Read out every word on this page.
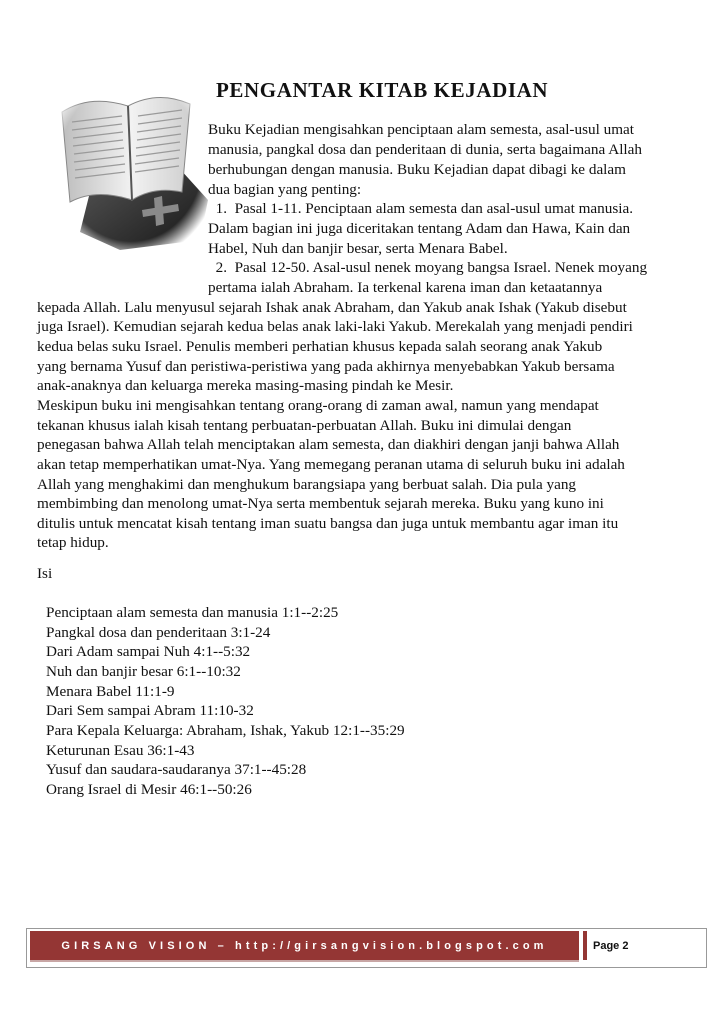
PENGANTAR KITAB KEJADIAN
Buku Kejadian mengisahkan penciptaan alam semesta, asal-usul umat
manusia, pangkal dosa dan penderitaan di dunia, serta bagaimana Allah
berhubungan dengan manusia. Buku Kejadian dapat dibagi ke dalam
dua bagian yang penting:
1.  Pasal 1-11. Penciptaan alam semesta dan asal-usul umat manusia.
Dalam bagian ini juga diceritakan tentang Adam dan Hawa, Kain dan
Habel, Nuh dan banjir besar, serta Menara Babel.
2.  Pasal 12-50. Asal-usul nenek moyang bangsa Israel. Nenek moyang
pertama ialah Abraham. Ia terkenal karena iman dan ketaatannya
kepada Allah. Lalu menyusul sejarah Ishak anak Abraham, dan Yakub anak Ishak (Yakub disebut
juga Israel). Kemudian sejarah kedua belas anak laki-laki Yakub. Merekalah yang menjadi pendiri
kedua belas suku Israel. Penulis memberi perhatian khusus kepada salah seorang anak Yakub
yang bernama Yusuf dan peristiwa-peristiwa yang pada akhirnya menyebabkan Yakub bersama
anak-anaknya dan keluarga mereka masing-masing pindah ke Mesir.
Meskipun buku ini mengisahkan tentang orang-orang di zaman awal, namun yang mendapat
tekanan khusus ialah kisah tentang perbuatan-perbuatan Allah. Buku ini dimulai dengan
penegasan bahwa Allah telah menciptakan alam semesta, dan diakhiri dengan janji bahwa Allah
akan tetap memperhatikan umat-Nya. Yang memegang peranan utama di seluruh buku ini adalah
Allah yang menghakimi dan menghukum barangsiapa yang berbuat salah. Dia pula yang
membimbing dan menolong umat-Nya serta membentuk sejarah mereka. Buku yang kuno ini
ditulis untuk mencatat kisah tentang iman suatu bangsa dan juga untuk membantu agar iman itu
tetap hidup.
Isi
Penciptaan alam semesta dan manusia 1:1--2:25
Pangkal dosa dan penderitaan 3:1-24
Dari Adam sampai Nuh 4:1--5:32
Nuh dan banjir besar 6:1--10:32
Menara Babel 11:1-9
Dari Sem sampai Abram 11:10-32
Para Kepala Keluarga: Abraham, Ishak, Yakub 12:1--35:29
Keturunan Esau 36:1-43
Yusuf dan saudara-saudaranya 37:1--45:28
Orang Israel di Mesir 46:1--50:26
GIRSANG VISION – http://girsangvision.blogspot.com	Page 2
